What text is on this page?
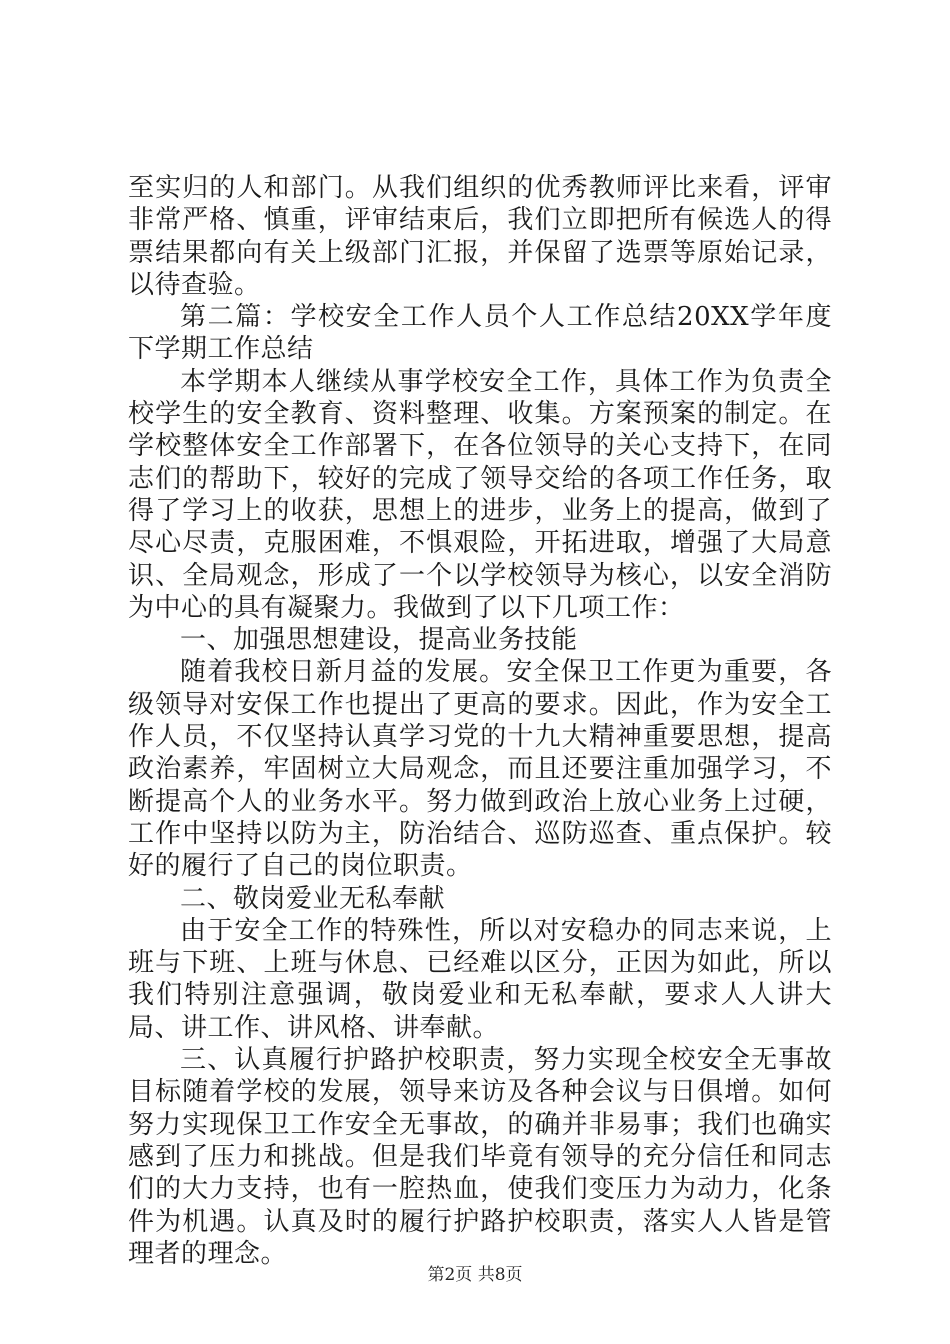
至实归的人和部门。从我们组织的优秀教师评比来看，评审非常严格、慎重，评审结束后，我们立即把所有候选人的得票结果都向有关上级部门汇报，并保留了选票等原始记录，以待查验。

第二篇：学校安全工作人员个人工作总结20XX学年度下学期工作总结

本学期本人继续从事学校安全工作，具体工作为负责全校学生的安全教育、资料整理、收集。方案预案的制定。在学校整体安全工作部署下，在各位领导的关心支持下，在同志们的帮助下，较好的完成了领导交给的各项工作任务，取得了学习上的收获，思想上的进步，业务上的提高，做到了尽心尽责，克服困难，不惧艰险，开拓进取，增强了大局意识、全局观念，形成了一个以学校领导为核心，以安全消防为中心的具有凝聚力。我做到了以下几项工作：

一、加强思想建设，提高业务技能

随着我校日新月益的发展。安全保卫工作更为重要，各级领导对安保工作也提出了更高的要求。因此，作为安全工作人员，不仅坚持认真学习党的十九大精神重要思想，提高政治素养，牢固树立大局观念，而且还要注重加强学习，不断提高个人的业务水平。努力做到政治上放心业务上过硬，工作中坚持以防为主，防治结合、巡防巡查、重点保护。较好的履行了自己的岗位职责。

二、敬岗爱业无私奉献

由于安全工作的特殊性，所以对安稳办的同志来说，上班与下班、上班与休息、已经难以区分，正因为如此，所以我们特别注意强调，敬岗爱业和无私奉献，要求人人讲大局、讲工作、讲风格、讲奉献。

三、认真履行护路护校职责，努力实现全校安全无事故目标随着学校的发展，领导来访及各种会议与日俱增。如何努力实现保卫工作安全无事故，的确并非易事；我们也确实感到了压力和挑战。但是我们毕竟有领导的充分信任和同志们的大力支持，也有一腔热血，使我们变压力为动力，化条件为机遇。认真及时的履行护路护校职责，落实人人皆是管理者的理念。

第2页 共8页
